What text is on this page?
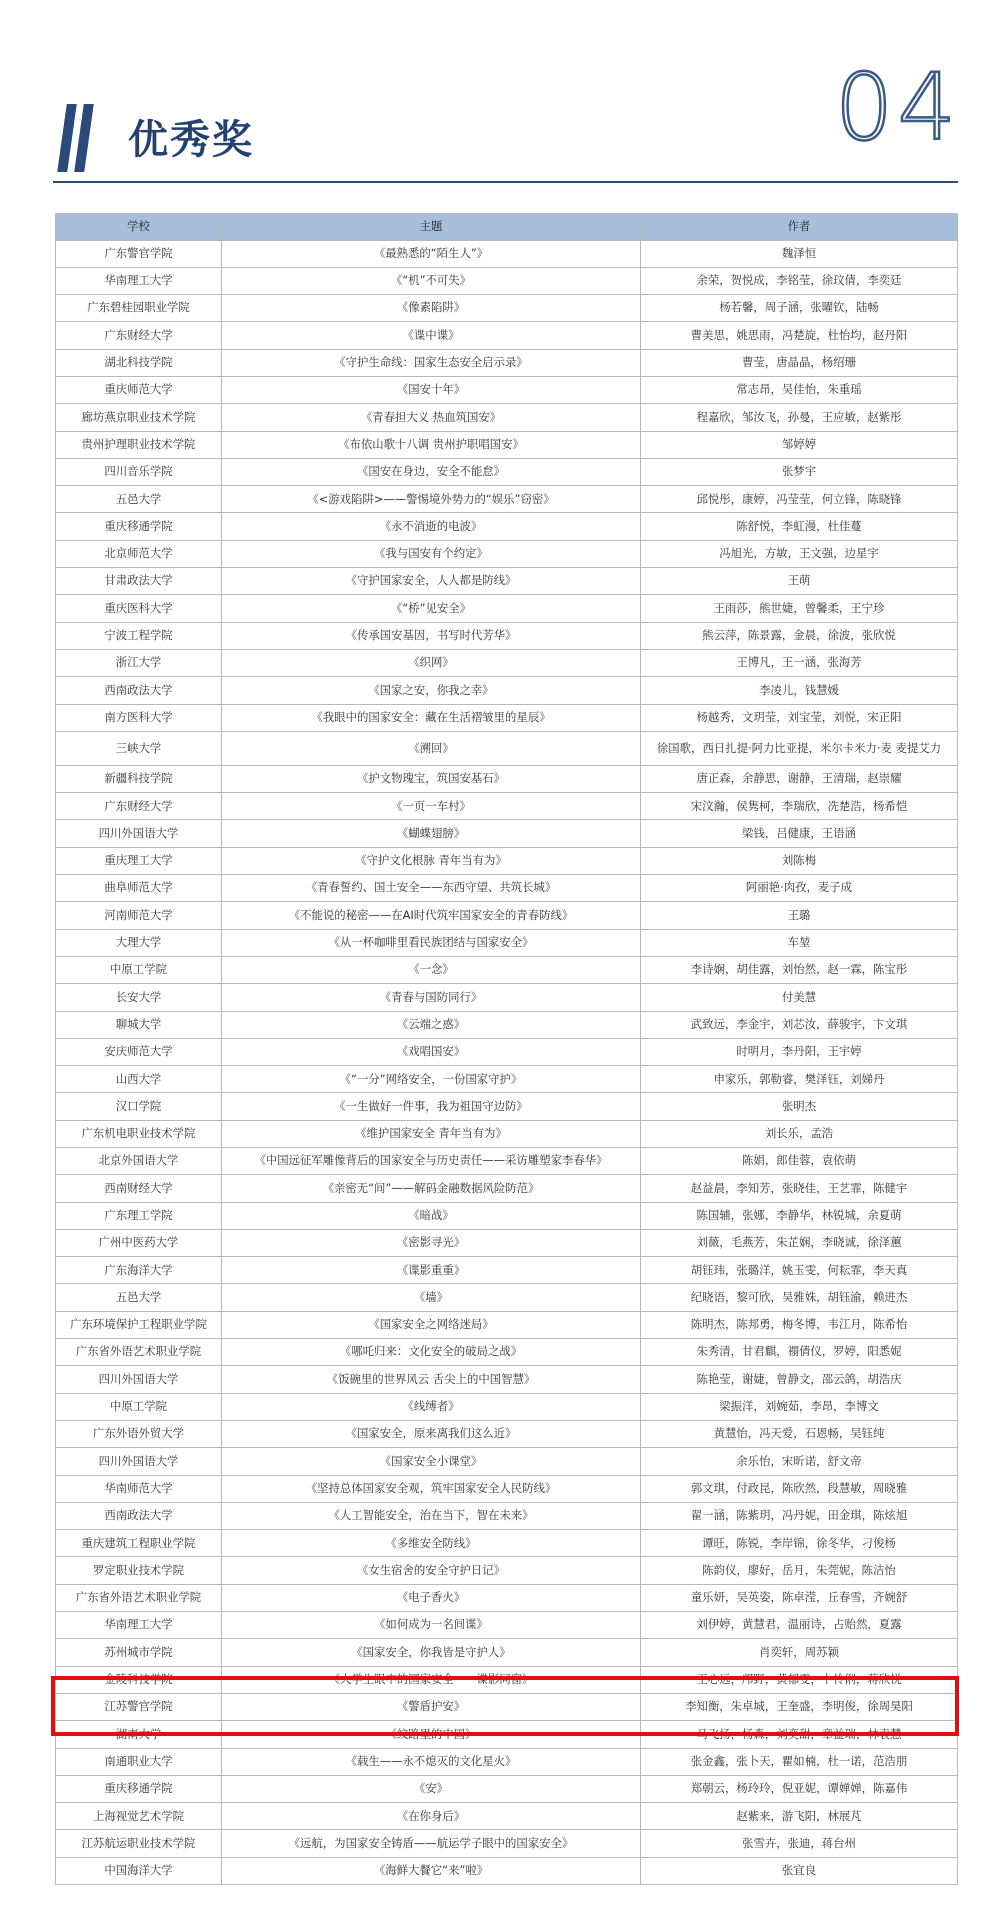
优秀奖	04
学校	主题	作者
广东警官学院	《最熟悉的“陌生人”》	魏泽恒
华南理工大学	《“机”不可失》	余荣，贺悦成，李铭莹，徐玟倩，李奕廷
广东碧桂园职业学院	《像素陷阱》	杨若馨，周子涵，张曜钦，陆畅
广东财经大学	《谍中谍》	曹美思，姚思雨，冯楚旋，杜怡均，赵丹阳
湖北科技学院	《守护生命线：国家生态安全启示录》	曹莹，唐晶晶，杨绍珊
重庆师范大学	《国安十年》	常志昂，吴佳怡，朱重瑶
廊坊燕京职业技术学院	《青春担大义 热血筑国安》	程嘉欣，邹汝飞，孙曼，王应敏，赵紫彤
贵州护理职业技术学院	《布依山歌十八调 贵州护职唱国安》	邹婷婷
四川音乐学院	《国安在身边，安全不能怠》	张梦宇
五邑大学	《<游戏陷阱>——警惕境外势力的“娱乐”窃密》	邱悦彤，康婷，冯莹莹，何立锋，陈晓锋
重庆移通学院	《永不消逝的电波》	陈舒悦，李虹漫，杜佳蔓
北京师范大学	《我与国安有个约定》	冯旭光，方敏，王文强，边星宇
甘肃政法大学	《守护国家安全，人人都是防线》	王萌
重庆医科大学	《“桥”见安全》	王雨莎，熊世婕，曾馨柔，王宁珍
宁波工程学院	《传承国安基因，书写时代芳华》	熊云萍，陈景露，金晨，徐波，张欣悦
浙江大学	《织网》	王博凡，王一涵，张海芳
西南政法大学	《国家之安，你我之幸》	李凌儿，钱慧媛
南方医科大学	《我眼中的国家安全：藏在生活褶皱里的星辰》	杨越秀，文玥莹，刘宝莹，刘悦，宋正阳
三峡大学	《溯回》	徐国歌，西日扎提·阿力比亚提，米尔卡米力·麦 麦提艾力
新疆科技学院	《护文物瑰宝，筑国安基石》	唐正森，余静思，谢静，王清瑞，赵崇耀
广东财经大学	《一页一车村》	宋汶瀚，侯隽柯，李瑞欣，冼楚浩，杨希恺
四川外国语大学	《蝴蝶翅膀》	梁钱，吕健康，王语涵
重庆理工大学	《守护文化根脉 青年当有为》	刘陈梅
曲阜师范大学	《青春誓约、国土安全——东西守望、共筑长城》	阿丽艳·肉孜，麦子成
河南师范大学	《不能说的秘密——在AI时代筑牢国家安全的青春防线》	王璐
大理大学	《从一杯咖啡里看民族团结与国家安全》	车堃
中原工学院	《一念》	李诗娴，胡佳露，刘怡然，赵一霖，陈宝彤
长安大学	《青春与国防同行》	付美慧
聊城大学	《云端之惑》	武致远，李金宇，刘芯汝，薛骏宇，卞文琪
安庆师范大学	《戏唱国安》	时明月，李丹阳，王宇婷
山西大学	《“一分”网络安全，一份国家守护》	申家乐，郭勒睿，樊泽钰，刘娣丹
汉口学院	《一生做好一件事，我为祖国守边防》	张明杰
广东机电职业技术学院	《维护国家安全 青年当有为》	刘长乐，孟浩
北京外国语大学	《中国远征军雕像背后的国家安全与历史责任——采访雕塑家李春华》	陈娟，郎佳蓉，袁依萌
西南财经大学	《亲密无“间”——解码金融数据风险防范》	赵益晨，李知芳，张晓佳，王艺霏，陈健宇
广东理工学院	《暗战》	陈国辅，张娜，李静华，林锐城，余夏萌
广州中医药大学	《密影寻光》	刘薇，毛燕芳，朱芷娴，李晓诚，徐泽蕙
广东海洋大学	《谍影重重》	胡钰玮，张璐洋，姚玉雯，何耘霏，李天真
五邑大学	《墙》	纪晓语，黎可欣，吴雅姝，胡钰渝，赖进杰
广东环境保护工程职业学院	《国家安全之网络迷局》	陈明杰，陈邦勇，梅冬博，韦江月，陈希怡
广东省外语艺术职业学院	《哪吒归来：文化安全的破局之战》	朱秀清，甘君麒，禤倩仪，罗婷，阳悉妮
四川外国语大学	《饭碗里的世界风云 舌尖上的中国智慧》	陈艳莹，谢婕，曾静文，邵云鸽，胡浩庆
中原工学院	《线缚者》	梁振洋，刘婉茹，李昂，李博文
广东外语外贸大学	《国家安全，原来离我们这么近》	黄慧怡，冯天爱，石恩畅，吴钰纯
四川外国语大学	《国家安全小课堂》	余乐怡，宋昕诺，舒文帝
华南师范大学	《坚持总体国家安全观，筑牢国家安全人民防线》	郭文琪，付政昆，陈欣然，段慧敏，周晓雅
西南政法大学	《人工智能安全，治在当下，智在未来》	翟一涵，陈紫玥，冯丹妮，田金琪，陈炫旭
重庆建筑工程职业学院	《多维安全防线》	谭旺，陈锐，李岸锦，徐冬华，刁俊杨
罗定职业技术学院	《女生宿舍的安全守护日记》	陈韵仪，廖好，岳月，朱莞妮，陈洁怡
广东省外语艺术职业学院	《电子香火》	童乐妍，吴英姿，陈卓滢，丘春雪，齐婉舒
华南理工大学	《如何成为一名间谍》	刘伊婷，黄慧君，温丽诗，占贻然，夏露
苏州城市学院	《国家安全，你我皆是守护人》	肖奕轩，周苏颖
金陵科技学院	《大学生眼中的国家安全——谍影同窗》	王心远，邝野，黄郁雯，卜怜俐，蒋欣悦
江苏警官学院	《警盾护安》	李知衡，朱卓城，王奎盛，李明俊，徐周昊阳
湖南大学	《纹路里的中国》	马飞扬，杨森，刘奕甜，章益瑞，林袁慧
南通职业大学	《载生——永不熄灭的文化星火》	张金鑫，张卜天，瞿如楠，杜一诺，范浩朋
重庆移通学院	《安》	郑朝云，杨玲玲，倪亚妮，谭婵婵，陈嘉伟
上海视觉艺术学院	《在你身后》	赵紫来，游飞阳，林展芃
江苏航运职业技术学院	《远航，为国家安全铸盾——航运学子眼中的国家安全》	张雪卉，张迪，蒋台州
中国海洋大学	《海鲜大餐它“来”啦》	张宜良
